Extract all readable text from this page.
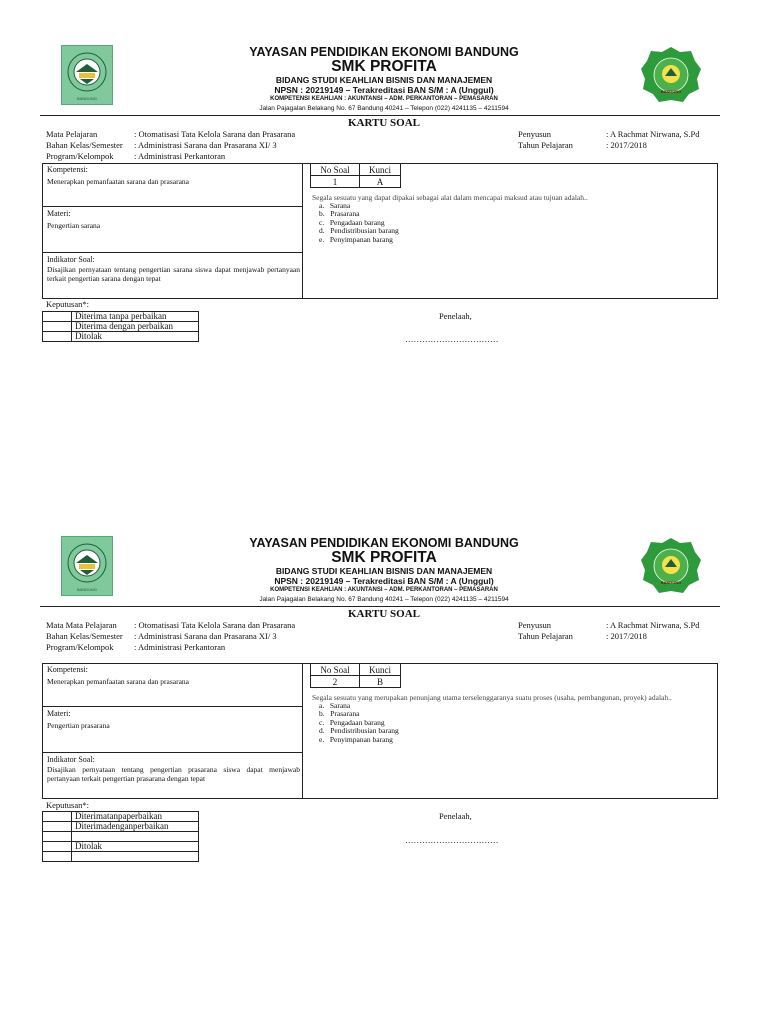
BANDUNG
BANDUNG
YAYASAN PENDIDIKAN EKONOMI BANDUNG
SMK PROFITA
BIDANG STUDI KEAHLIAN BISNIS DAN MANAJEMEN
NPSN : 20219149 – Terakreditasi BAN S/M : A (Unggul)
KOMPETENSI KEAHLIAN : AKUNTANSI – ADM. PERKANTORAN – PEMASARAN
Jalan Pajagalan Belakang No. 67 Bandung 40241 – Telepon (022) 4241135 – 4211594
KARTU SOAL
Mata Pelajaran	: Otomatisasi Tata Kelola Sarana dan Prasarana
Bahan Kelas/Semester : Administrasi Sarana dan Prasarana XI/ 3
Program/Kelompok : Administrasi Perkantoran
Penyusun	: A Rachmat Nirwana, S.Pd
Tahun Pelajaran	: 2017/2018
Kompetensi:
Menerapkan pemanfaatan sarana dan prasarana
Materi:
Pengertian sarana
Indikator Soal:
Disajikan pernyataan tentang pengertian sarana siswa dapat menjawab pertanyaan terkait pengertian sarana dengan tepat
No Soal	Kunci
1	A
Segala sesuatu yang dapat dipakai sebagai alat dalam mencapai maksud atau tujuan adalah..
a.   Sarana
b.   Prasarana
c.   Pengadaan barang
d.   Pendistribusian barang
e.   Penyimpanan barang
Keputusan*:
	Diterima tanpa perbaikan
	Diterima dengan perbaikan
	Ditolak
Penelaah,
……………………………
BANDUNG
BANDUNG
YAYASAN PENDIDIKAN EKONOMI BANDUNG
SMK PROFITA
BIDANG STUDI KEAHLIAN BISNIS DAN MANAJEMEN
NPSN : 20219149 – Terakreditasi BAN S/M : A (Unggul)
KOMPETENSI KEAHLIAN : AKUNTANSI – ADM. PERKANTORAN – PEMASARAN
Jalan Pajagalan Belakang No. 67 Bandung 40241 – Telepon (022) 4241135 – 4211594
KARTU SOAL
Mata Mata Pelajaran : Otomatisasi Tata Kelola Sarana dan Prasarana
Bahan Kelas/Semester : Administrasi Sarana dan Prasarana XI/ 3
Program/Kelompok : Administrasi Perkantoran
Penyusun	: A Rachmat Nirwana, S.Pd
Tahun Pelajaran	: 2017/2018
Kompetensi:
Menerapkan pemanfaatan sarana dan prasarana
Materi:
Pengertian prasarana
Indikator Soal:
Disajikan pernyataan tentang pengertian prasarana siswa dapat menjawab pertanyaan terkait pengertian prasarana dengan tepat
No Soal	Kunci
2	B
Segala sesuatu yang merupakan penunjang utama terselenggaranya suatu proses (usaha, pembangunan, proyek) adalah..
a.   Sarana
b.   Prasarana
c.   Pengadaan barang
d.   Pendistribusian barang
e.   Penyimpanan barang
Keputusan*:
	Diterimatanpaperbaikan
	Diterimadenganperbaikan

	Ditolak

Penelaah,
……………………………
